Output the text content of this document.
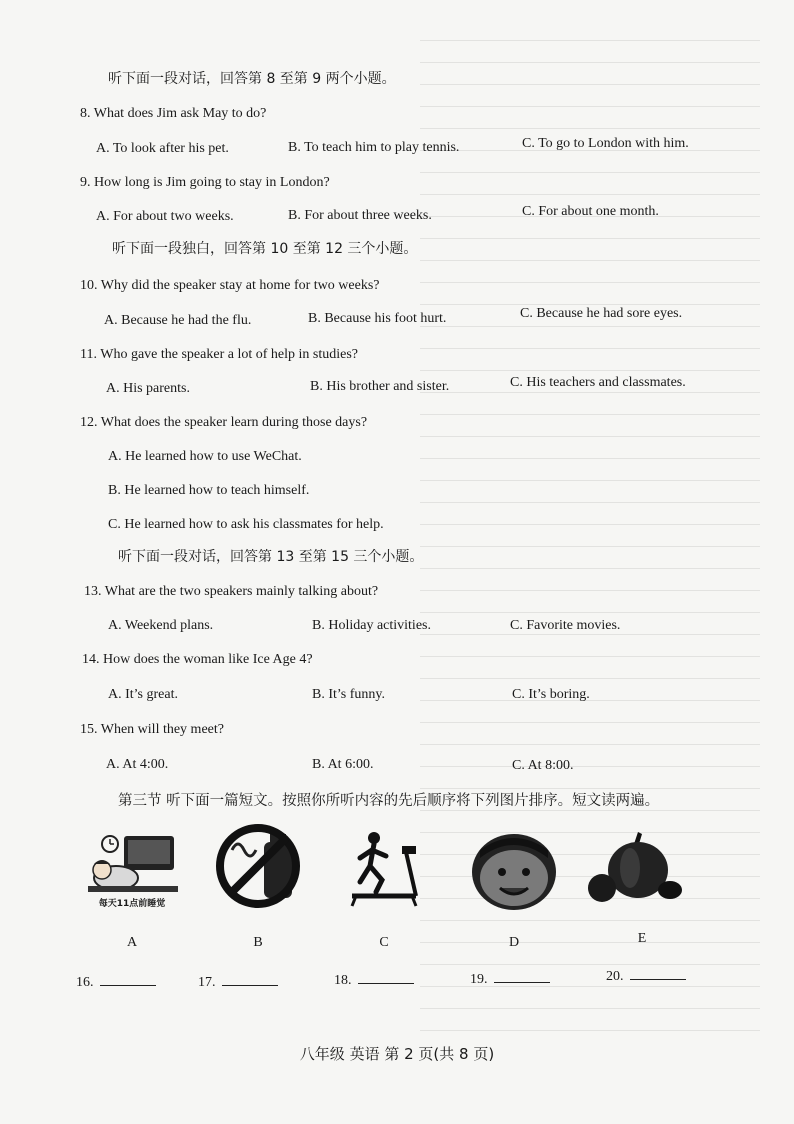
听下面一段对话，回答第 8 至第 9 两个小题。
8. What does Jim ask May to do?
A. To look after his pet.	B. To teach him to play tennis.	C. To go to London with him.
9. How long is Jim going to stay in London?
A. For about two weeks.	B. For about three weeks.	C. For about one month.
听下面一段独白，回答第 10 至第 12 三个小题。
10. Why did the speaker stay at home for two weeks?
A. Because he had the flu.	B. Because his foot hurt.	C. Because he had sore eyes.
11. Who gave the speaker a lot of help in studies?
A. His parents.	B. His brother and sister.	C. His teachers and classmates.
12. What does the speaker learn during those days?
A. He learned how to use WeChat.
B. He learned how to teach himself.
C. He learned how to ask his classmates for help.
听下面一段对话，回答第 13 至第 15 三个小题。
13. What are the two speakers mainly talking about?
A. Weekend plans.	B. Holiday activities.	C. Favorite movies.
14. How does the woman like Ice Age 4?
A. It’s great.	B. It’s funny.	C. It’s boring.
15. When will they meet?
A. At 4:00.	B. At 6:00.	C. At 8:00.
第三节 听下面一篇短文。按照你所听内容的先后顺序将下列图片排序。短文读两遍。
每天11点前睡觉
A	B	C	D	E
16.	17.	18.	19.	20.
八年级 英语 第 2 页(共 8 页)
